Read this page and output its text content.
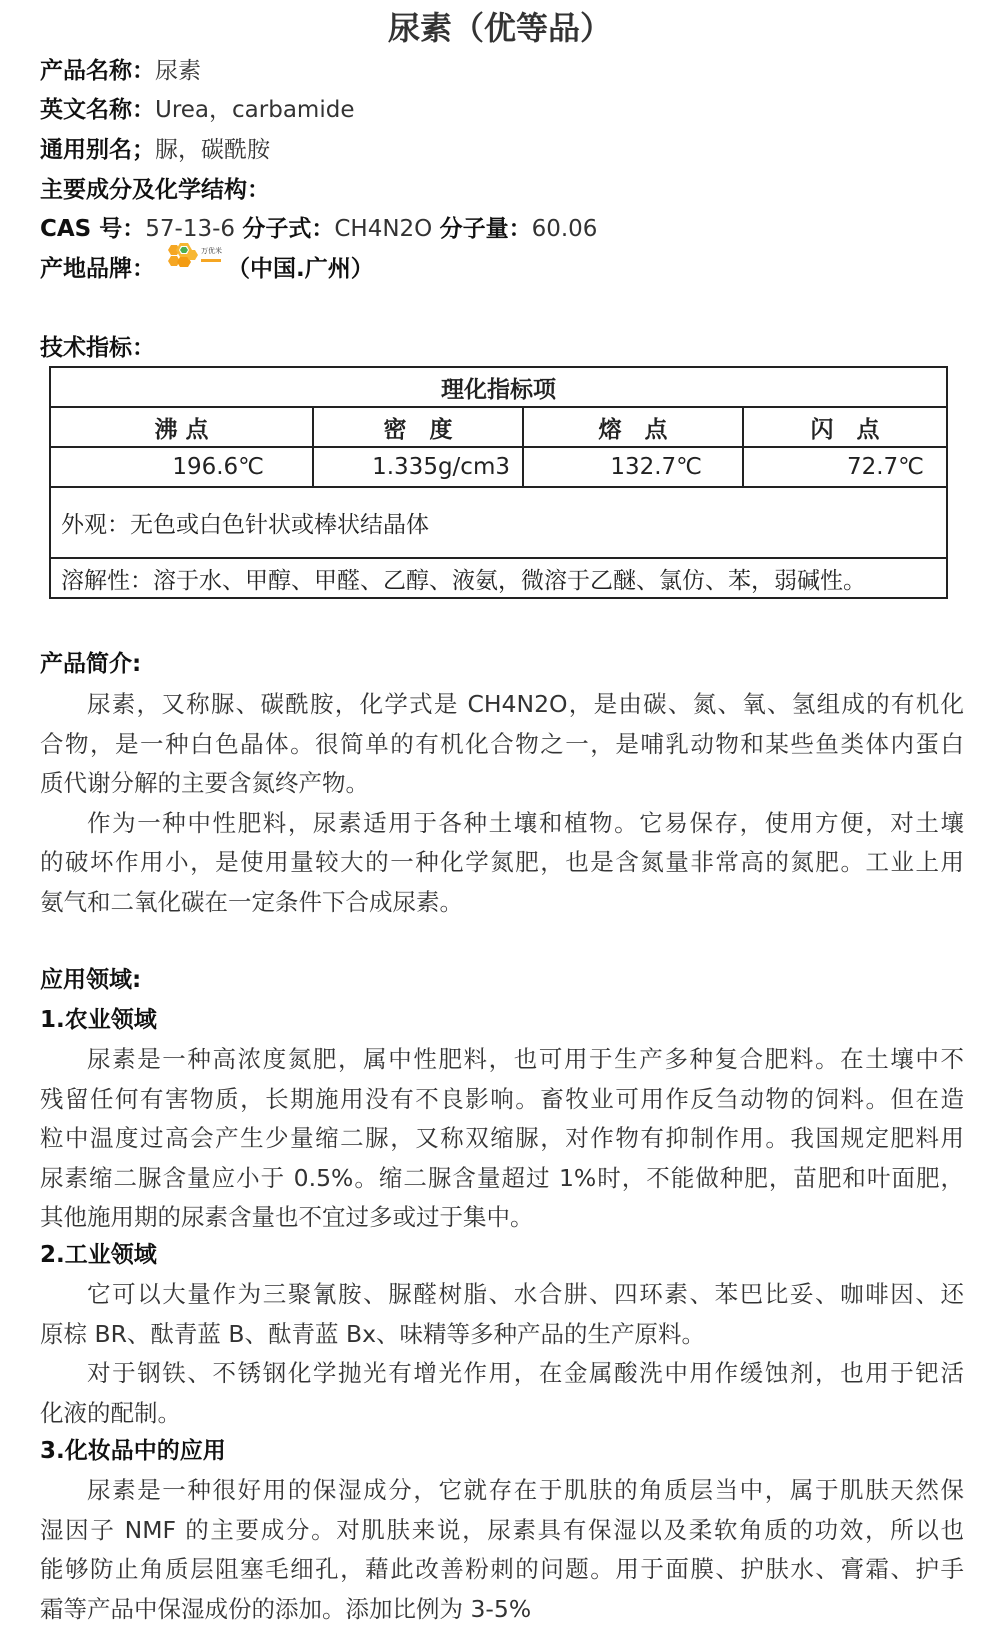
尿素（优等品）
产品名称：尿素
英文名称：Urea，carbamide
通用别名；脲，碳酰胺
主要成分及化学结构：
CAS 号：57-13-6 分子式：CH4N2O 分子量：60.06
产地品牌：	（中国.广州）
万优米
技术指标：
理化指标项			
沸 点	密　度	熔　点	闪　点
196.6℃	1.335g/cm3	132.7℃	72.7℃
外观：无色或白色针状或棒状结晶体			
溶解性：溶于水、甲醇、甲醛、乙醇、液氨，微溶于乙醚、氯仿、苯，弱碱性。			
产品简介:
尿素，又称脲、碳酰胺，化学式是 CH4N2O，是由碳、氮、氧、氢组成的有机化
合物，是一种白色晶体。很简单的有机化合物之一，是哺乳动物和某些鱼类体内蛋白
质代谢分解的主要含氮终产物。
作为一种中性肥料，尿素适用于各种土壤和植物。它易保存，使用方便，对土壤
的破坏作用小，是使用量较大的一种化学氮肥，也是含氮量非常高的氮肥。工业上用
氨气和二氧化碳在一定条件下合成尿素。
应用领域:
1.农业领域
尿素是一种高浓度氮肥，属中性肥料，也可用于生产多种复合肥料。在土壤中不
残留任何有害物质，长期施用没有不良影响。畜牧业可用作反刍动物的饲料。但在造
粒中温度过高会产生少量缩二脲，又称双缩脲，对作物有抑制作用。我国规定肥料用
尿素缩二脲含量应小于 0.5%。缩二脲含量超过 1%时，不能做种肥，苗肥和叶面肥，
其他施用期的尿素含量也不宜过多或过于集中。
2.工业领域
它可以大量作为三聚氰胺、脲醛树脂、水合肼、四环素、苯巴比妥、咖啡因、还
原棕 BR、酞青蓝 B、酞青蓝 Bx、味精等多种产品的生产原料。
对于钢铁、不锈钢化学抛光有增光作用，在金属酸洗中用作缓蚀剂，也用于钯活
化液的配制。
3.化妆品中的应用
尿素是一种很好用的保湿成分，它就存在于肌肤的角质层当中，属于肌肤天然保
湿因子 NMF 的主要成分。对肌肤来说，尿素具有保湿以及柔软角质的功效，所以也
能够防止角质层阻塞毛细孔，藉此改善粉刺的问题。用于面膜、护肤水、膏霜、护手
霜等产品中保湿成份的添加。添加比例为 3-5%
